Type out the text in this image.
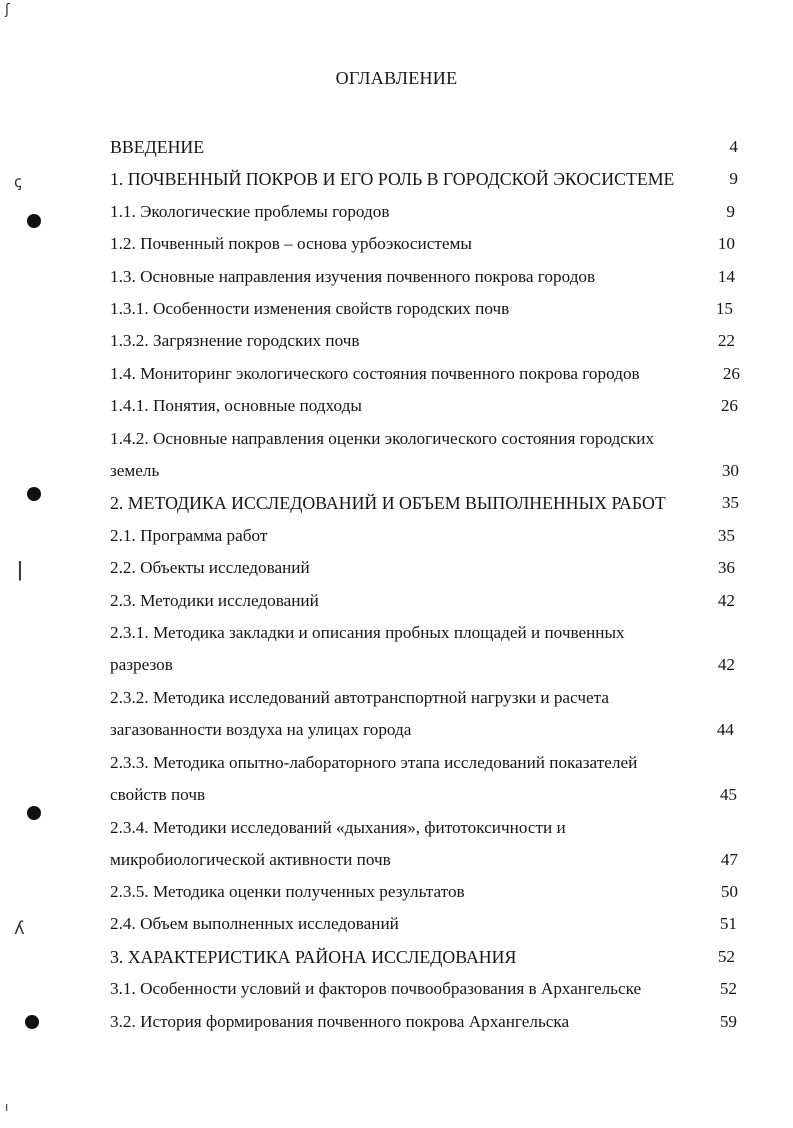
ОГЛАВЛЕНИЕ
ВВЕДЕНИЕ	4
1. ПОЧВЕННЫЙ ПОКРОВ И ЕГО РОЛЬ В ГОРОДСКОЙ ЭКОСИСТЕМЕ	9
1.1. Экологические проблемы городов	9
1.2. Почвенный покров – основа урбоэкосистемы	10
1.3. Основные направления изучения почвенного покрова городов	14
1.3.1. Особенности изменения свойств городских почв	15
1.3.2. Загрязнение городских почв	22
1.4. Мониторинг экологического состояния почвенного покрова городов	26
1.4.1. Понятия, основные подходы	26
1.4.2. Основные направления оценки экологического состояния городских
земель	30
2. МЕТОДИКА ИССЛЕДОВАНИЙ И ОБЪЕМ ВЫПОЛНЕННЫХ РАБОТ	35
2.1. Программа работ	35
2.2. Объекты исследований	36
2.3. Методики исследований	42
2.3.1. Методика закладки и описания пробных площадей и почвенных
разрезов	42
2.3.2. Методика исследований автотранспортной нагрузки и расчета
загазованности воздуха на улицах города	44
2.3.3. Методика опытно-лабораторного этапа исследований показателей
свойств почв	45
2.3.4. Методики исследований «дыхания», фитотоксичности и
микробиологической активности почв	47
2.3.5. Методика оценки полученных результатов	50
2.4. Объем выполненных исследований	51
3. ХАРАКТЕРИСТИКА РАЙОНА ИССЛЕДОВАНИЯ	52
3.1. Особенности условий и факторов почвообразования в Архангельске	52
3.2. История формирования почвенного покрова Архангельска	59
ʃ
ꞔ
ǀ
ʎ
ı
